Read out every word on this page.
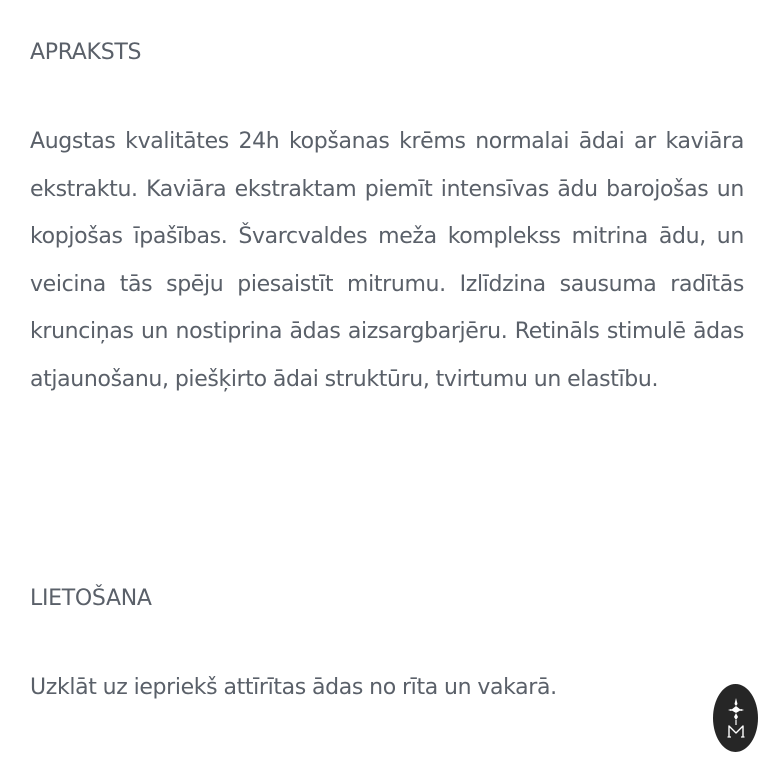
APRAKSTS

Augstas kvalitātes 24h kopšanas krēms normalai ādai ar kaviāra ekstraktu. Kaviāra ekstraktam piemīt intensīvas ādu barojošas un kopjošas īpašības. Švarcvaldes meža komplekss mitrina ādu, un veicina tās spēju piesaistīt mitrumu. Izlīdzina sausuma radītās krunciņas un nostiprina ādas aizsargbarjēru. Retināls stimulē ādas atjaunošanu, piešķirto ādai struktūru, tvirtumu un elastību.

LIETOŠANA

Uzklāt uz iepriekš attīrītas ādas no rīta un vakarā.
